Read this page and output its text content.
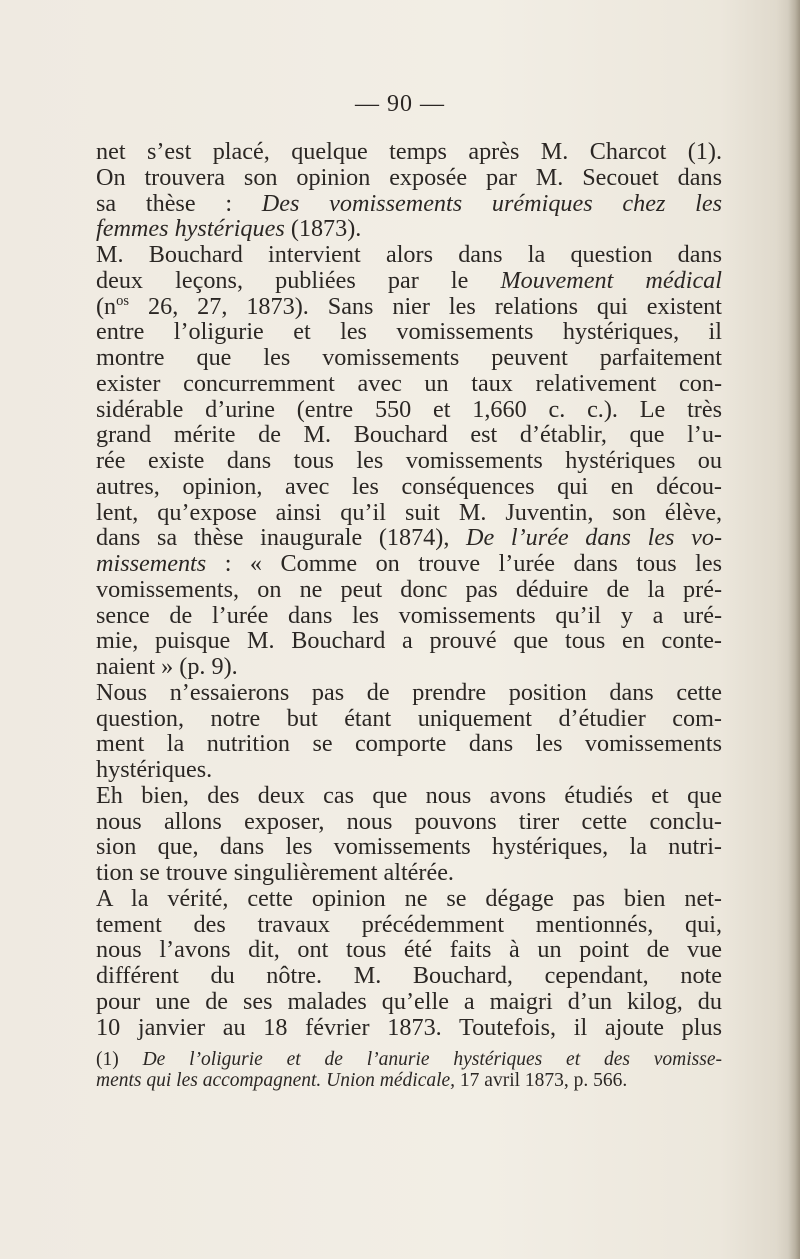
— 90 —
net s’est placé, quelque temps après M. Charcot (1).
On trouvera son opinion exposée par M. Secouet dans
sa thèse : Des vomissements urémiques chez les
femmes hystériques (1873).
M. Bouchard intervient alors dans la question dans
deux leçons, publiées par le Mouvement médical
($n^{os}$ 26, 27, 1873). Sans nier les relations qui existent
entre l’oligurie et les vomissements hystériques, il
montre que les vomissements peuvent parfaitement
exister concurremment avec un taux relativement con-
sidérable d’urine (entre 550 et 1,660 c. c.). Le très
grand mérite de M. Bouchard est d’établir, que l’u-
rée existe dans tous les vomissements hystériques ou
autres, opinion, avec les conséquences qui en décou-
lent, qu’expose ainsi qu’il suit M. Juventin, son élève,
dans sa thèse inaugurale (1874), De l’urée dans les vo-
missements : « Comme on trouve l’urée dans tous les
vomissements, on ne peut donc pas déduire de la pré-
sence de l’urée dans les vomissements qu’il y a uré-
mie, puisque M. Bouchard a prouvé que tous en conte-
naient » (p. 9).
Nous n’essaierons pas de prendre position dans cette
question, notre but étant uniquement d’étudier com-
ment la nutrition se comporte dans les vomissements
hystériques.
Eh bien, des deux cas que nous avons étudiés et que
nous allons exposer, nous pouvons tirer cette conclu-
sion que, dans les vomissements hystériques, la nutri-
tion se trouve singulièrement altérée.
A la vérité, cette opinion ne se dégage pas bien net-
tement des travaux précédemment mentionnés, qui,
nous l’avons dit, ont tous été faits à un point de vue
différent du nôtre. M. Bouchard, cependant, note
pour une de ses malades qu’elle a maigri d’un kilog, du
10 janvier au 18 février 1873. Toutefois, il ajoute plus
(1) De l’oligurie et de l’anurie hystériques et des vomisse-
ments qui les accompagnent. Union médicale, 17 avril 1873, p. 566.
